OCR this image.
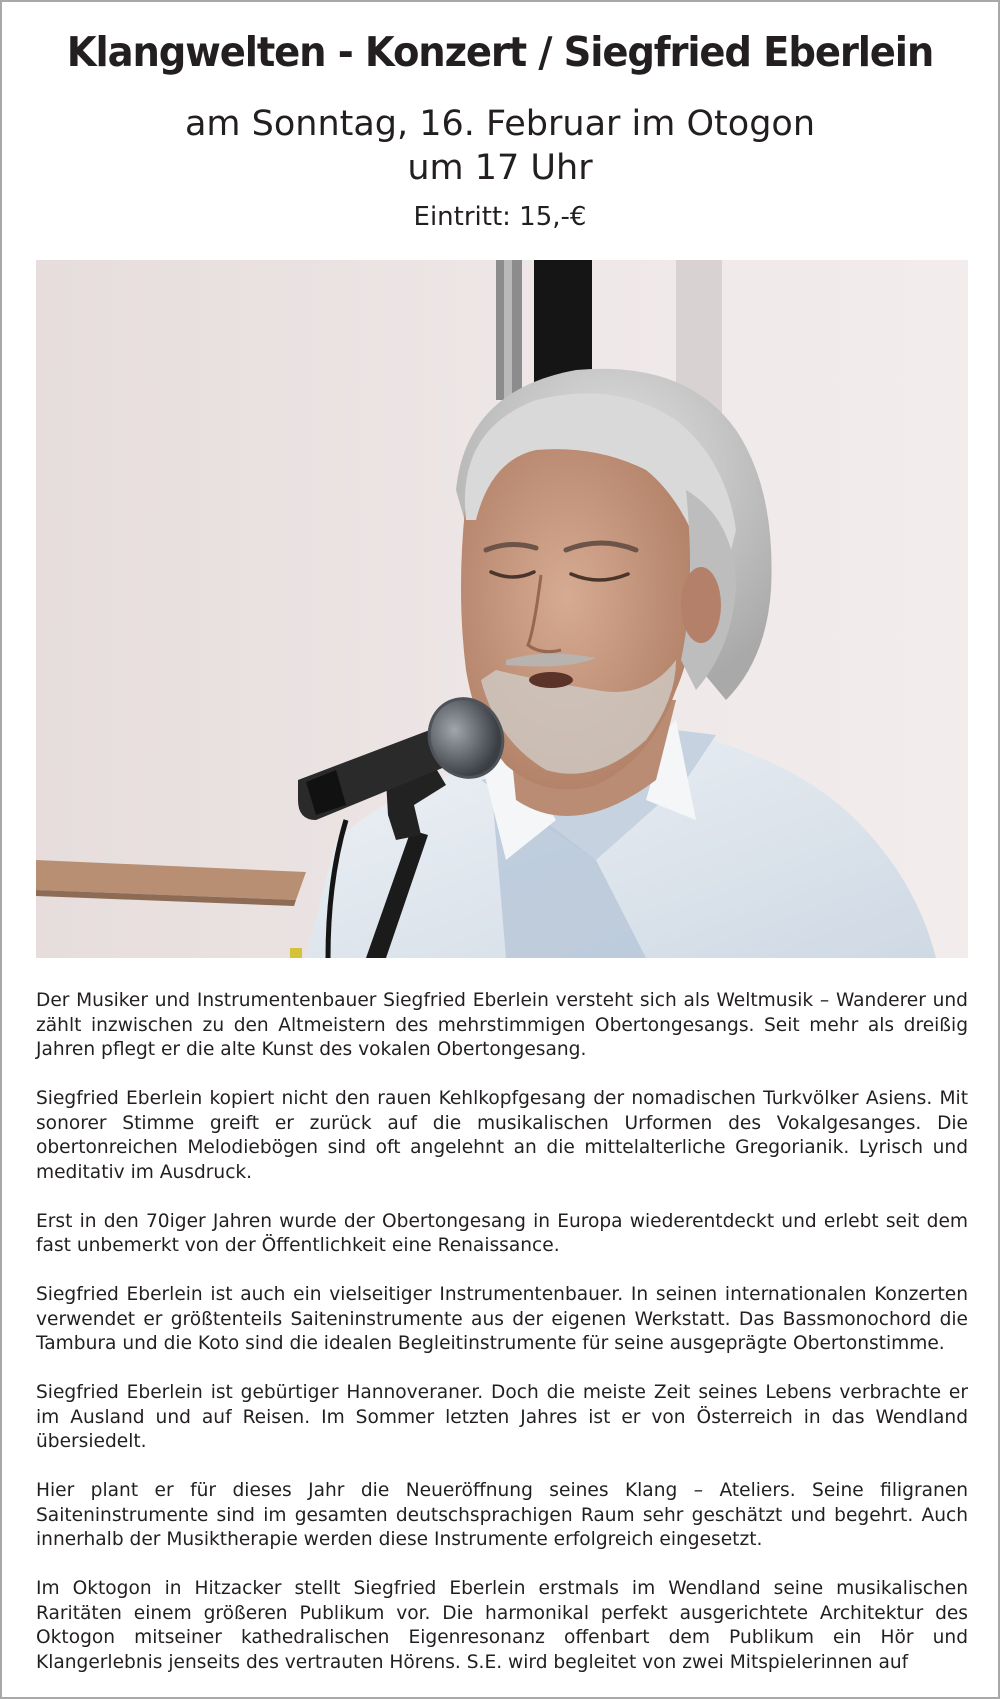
Klangwelten - Konzert / Siegfried Eberlein
am Sonntag, 16. Februar im Otogon
um 17 Uhr
Eintritt: 15,-€

Der Musiker und Instrumentenbauer Siegfried Eberlein versteht sich als Weltmusik – Wanderer und zählt inzwischen zu den Altmeistern des mehrstimmigen Obertongesangs. Seit mehr als dreißig Jahren pflegt er die alte Kunst des vokalen Obertongesang.

Siegfried Eberlein kopiert nicht den rauen Kehlkopfgesang der nomadischen Turkvölker Asiens. Mit sonorer Stimme greift er zurück auf die musikalischen Urformen des Vokalgesanges. Die obertonreichen Melodiebögen sind oft angelehnt an die mittelalterliche Gregorianik. Lyrisch und meditativ im Ausdruck.

Erst in den 70iger Jahren wurde der Obertongesang in Europa wiederentdeckt und erlebt seit dem fast unbemerkt von der Öffentlichkeit eine Renaissance.

Siegfried Eberlein ist auch ein vielseitiger Instrumentenbauer. In seinen internationalen Konzerten verwendet er größtenteils Saiteninstrumente aus der eigenen Werkstatt. Das Bassmonochord die Tambura und die Koto sind die idealen Begleitinstrumente für seine ausgeprägte Obertonstimme.

Siegfried Eberlein ist gebürtiger Hannoveraner. Doch die meiste Zeit seines Lebens verbrachte er im Ausland und auf Reisen. Im Sommer letzten Jahres ist er von Österreich in das Wendland übersiedelt.

Hier plant er für dieses Jahr die Neueröffnung seines Klang – Ateliers. Seine filigranen Saiteninstrumente sind im gesamten deutschsprachigen Raum sehr geschätzt und begehrt. Auch innerhalb der Musiktherapie werden diese Instrumente erfolgreich eingesetzt.

Im Oktogon in Hitzacker stellt Siegfried Eberlein erstmals im Wendland seine musikalischen Raritäten einem größeren Publikum vor. Die harmonikal perfekt ausgerichtete Architektur des Oktogon mitseiner kathedralischen Eigenresonanz offenbart dem Publikum ein Hör und Klangerlebnis jenseits des vertrauten Hörens. S.E. wird begleitet von zwei Mitspielerinnen auf
